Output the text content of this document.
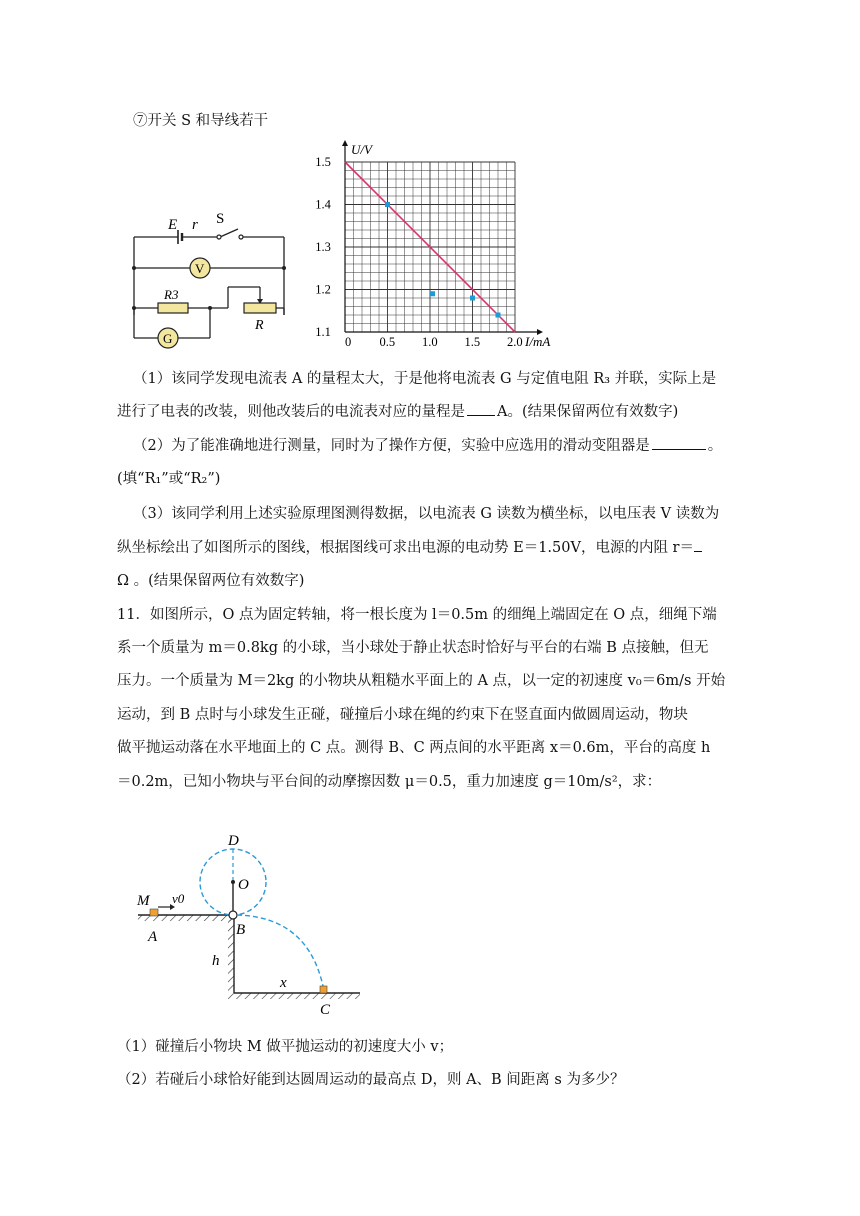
⑦开关 S 和导线若干
E r S
V
R3
G
R
0 0.5 1.0 1.5 2.0
1.1
1.2
1.3
1.4
1.5
I/mA
U/V
（1）该同学发现电流表 A 的量程太大，于是他将电流表 G 与定值电阻 R₃ 并联，实际上是
进行了电表的改装，则他改装后的电流表对应的量程是 A。(结果保留两位有效数字)
（2）为了能准确地进行测量，同时为了操作方便，实验中应选用的滑动变阻器是	。
(填“R₁”或“R₂”)
（3）该同学利用上述实验原理图测得数据，以电流表 G 读数为横坐标，以电压表 V 读数为
纵坐标绘出了如图所示的图线，根据图线可求出电源的电动势 E＝1.50V，电源的内阻 r＝
Ω 。(结果保留两位有效数字)
11．如图所示，O 点为固定转轴，将一根长度为 l＝0.5m 的细绳上端固定在 O 点，细绳下端
系一个质量为 m＝0.8kg 的小球，当小球处于静止状态时恰好与平台的右端 B 点接触，但无
压力。一个质量为 M＝2kg 的小物块从粗糙水平面上的 A 点，以一定的初速度 v₀＝6m/s 开始
运动，到 B 点时与小球发生正碰，碰撞后小球在绳的约束下在竖直面内做圆周运动，物块
做平抛运动落在水平地面上的 C 点。测得 B、C 两点间的水平距离 x＝0.6m，平台的高度 h
＝0.2m，已知小物块与平台间的动摩擦因数 μ＝0.5，重力加速度 g＝10m/s²，求：
D
O
M v0
A	B
h
x
C
（1）碰撞后小物块 M 做平抛运动的初速度大小 v；
（2）若碰后小球恰好能到达圆周运动的最高点 D，则 A、B 间距离 s 为多少？
